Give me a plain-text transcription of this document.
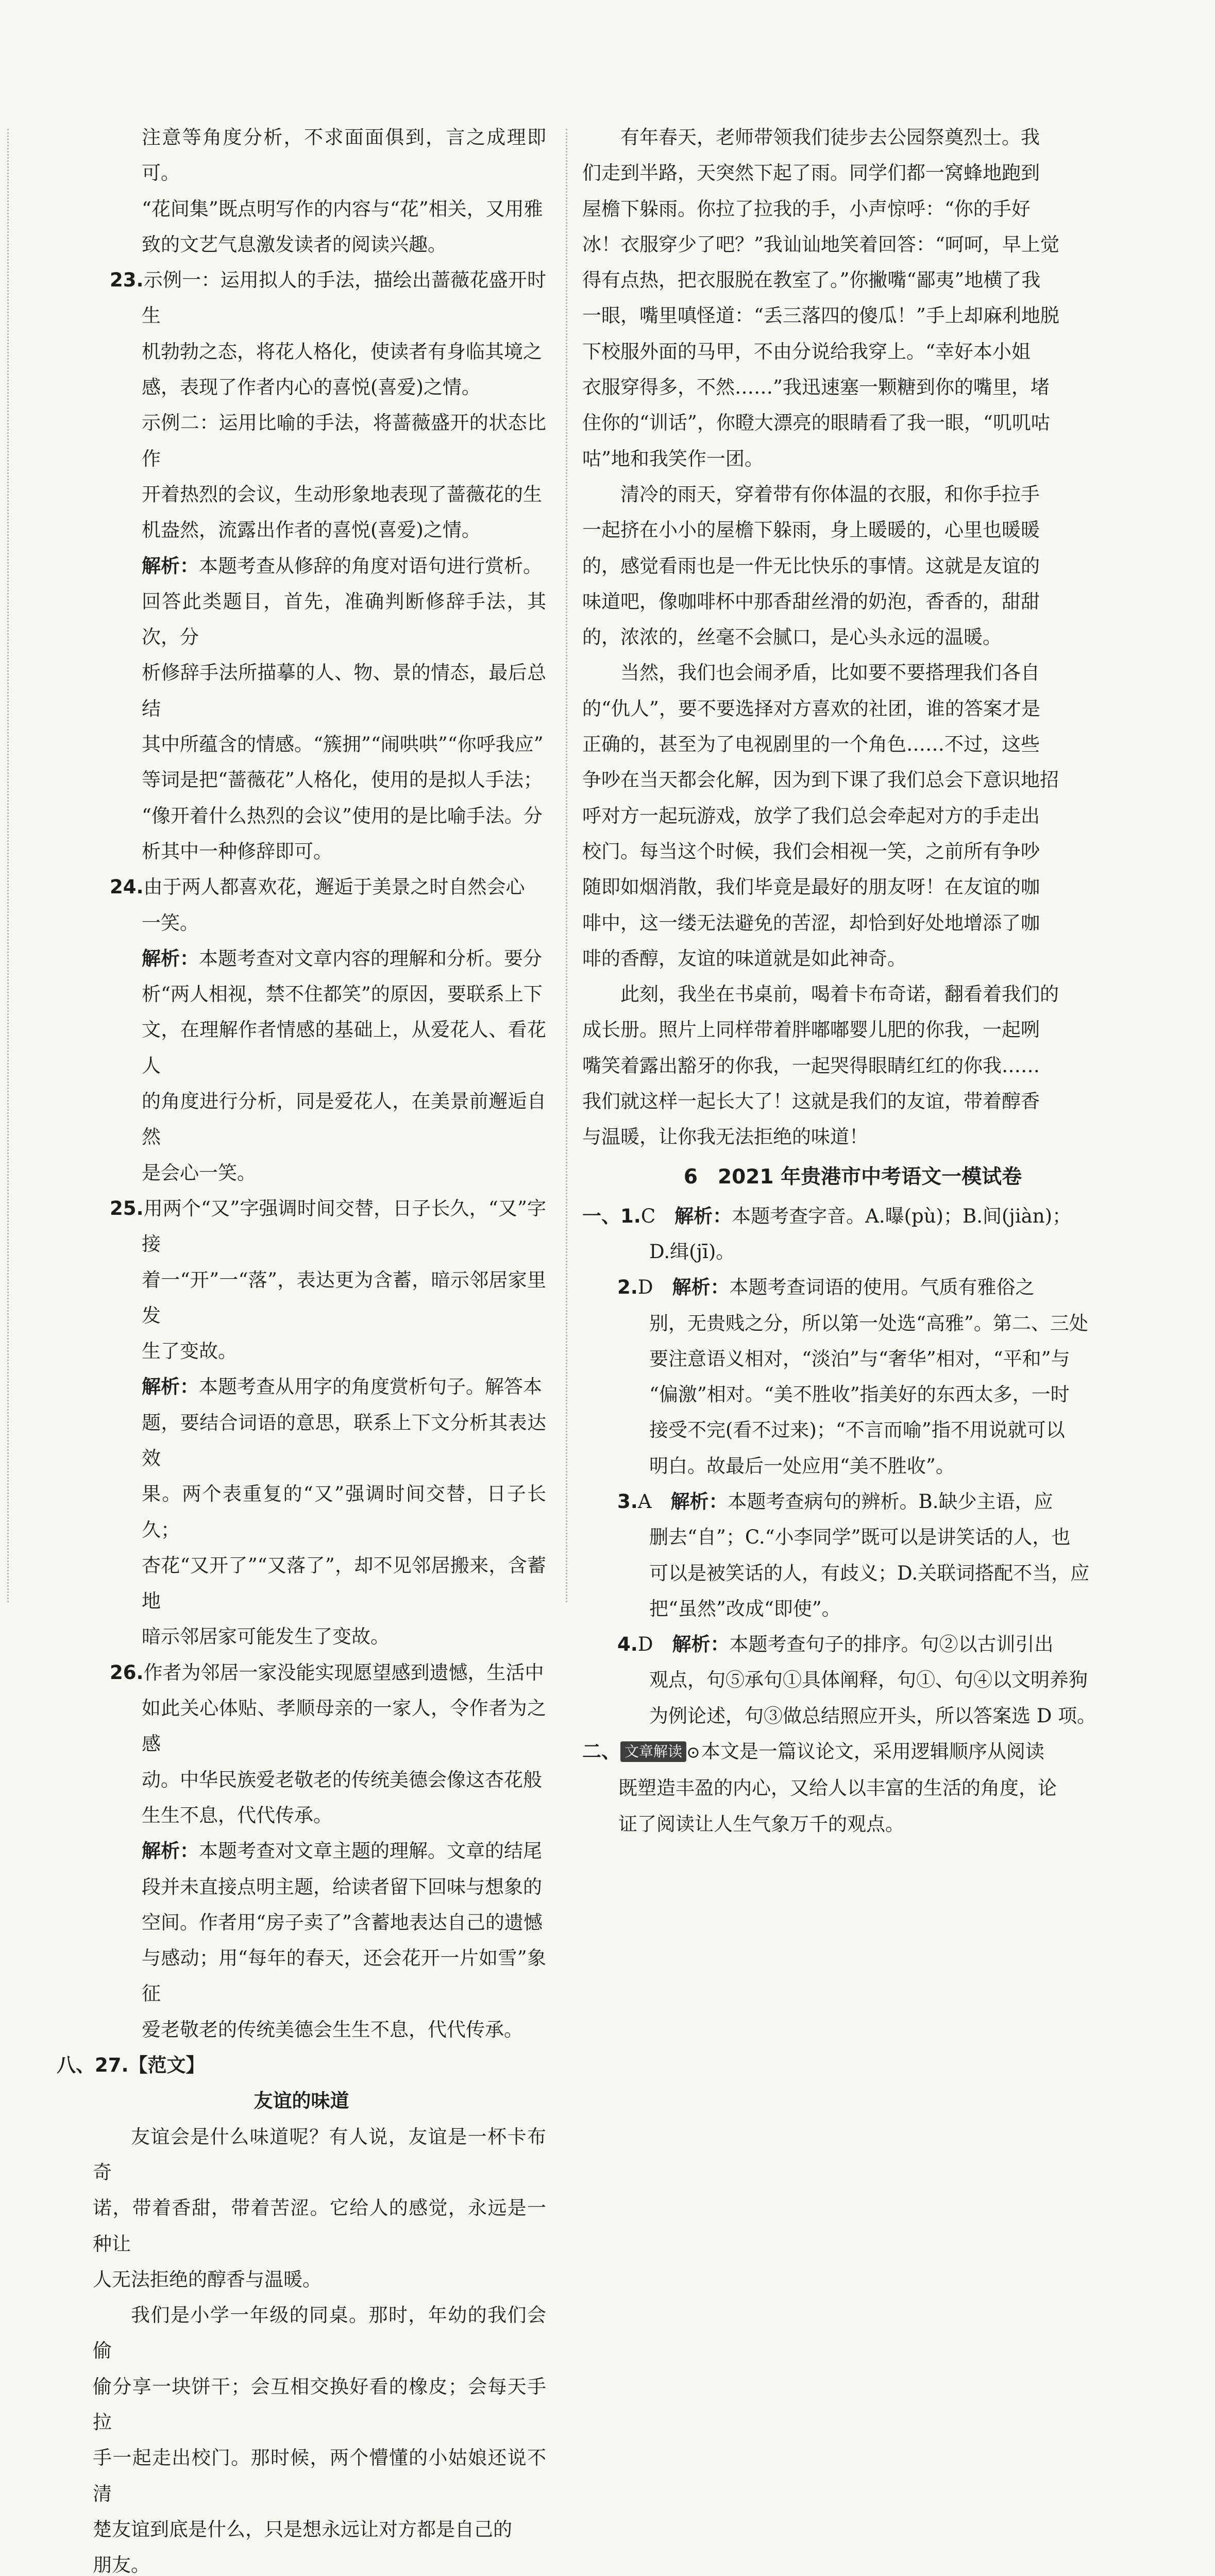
注意等角度分析，不求面面俱到，言之成理即可。

“花间集”既点明写作的内容与“花”相关，又用雅

致的文艺气息激发读者的阅读兴趣。

23.示例一：运用拟人的手法，描绘出蔷薇花盛开时生

机勃勃之态，将花人格化，使读者有身临其境之

感，表现了作者内心的喜悦(喜爱)之情。

示例二：运用比喻的手法，将蔷薇盛开的状态比作

开着热烈的会议，生动形象地表现了蔷薇花的生

机盎然，流露出作者的喜悦(喜爱)之情。

解析：本题考查从修辞的角度对语句进行赏析。

回答此类题目，首先，准确判断修辞手法，其次，分

析修辞手法所描摹的人、物、景的情态，最后总结

其中所蕴含的情感。“簇拥”“闹哄哄”“你呼我应”

等词是把“蔷薇花”人格化，使用的是拟人手法；

“像开着什么热烈的会议”使用的是比喻手法。分

析其中一种修辞即可。

24.由于两人都喜欢花，邂逅于美景之时自然会心

一笑。

解析：本题考查对文章内容的理解和分析。要分

析“两人相视，禁不住都笑”的原因，要联系上下

文，在理解作者情感的基础上，从爱花人、看花人

的角度进行分析，同是爱花人，在美景前邂逅自然

是会心一笑。

25.用两个“又”字强调时间交替，日子长久，“又”字接

着一“开”一“落”，表达更为含蓄，暗示邻居家里发

生了变故。

解析：本题考查从用字的角度赏析句子。解答本

题，要结合词语的意思，联系上下文分析其表达效

果。两个表重复的“又”强调时间交替，日子长久；

杏花“又开了”“又落了”，却不见邻居搬来，含蓄地

暗示邻居家可能发生了变故。

26.作者为邻居一家没能实现愿望感到遗憾，生活中

如此关心体贴、孝顺母亲的一家人，令作者为之感

动。中华民族爱老敬老的传统美德会像这杏花般

生生不息，代代传承。

解析：本题考查对文章主题的理解。文章的结尾

段并未直接点明主题，给读者留下回味与想象的

空间。作者用“房子卖了”含蓄地表达自己的遗憾

与感动；用“每年的春天，还会花开一片如雪”象征

爱老敬老的传统美德会生生不息，代代传承。

八、27.【范文】

友谊的味道

友谊会是什么味道呢？有人说，友谊是一杯卡布奇

诺，带着香甜，带着苦涩。它给人的感觉，永远是一种让

人无法拒绝的醇香与温暖。

我们是小学一年级的同桌。那时，年幼的我们会偷

偷分享一块饼干；会互相交换好看的橡皮；会每天手拉

手一起走出校门。那时候，两个懵懂的小姑娘还说不清

楚友谊到底是什么，只是想永远让对方都是自己的

朋友。

有年春天，老师带领我们徒步去公园祭奠烈士。我

们走到半路，天突然下起了雨。同学们都一窝蜂地跑到

屋檐下躲雨。你拉了拉我的手，小声惊呼：“你的手好

冰！衣服穿少了吧？”我讪讪地笑着回答：“呵呵，早上觉

得有点热，把衣服脱在教室了。”你撇嘴“鄙夷”地横了我

一眼，嘴里嗔怪道：“丢三落四的傻瓜！”手上却麻利地脱

下校服外面的马甲，不由分说给我穿上。“幸好本小姐

衣服穿得多，不然……”我迅速塞一颗糖到你的嘴里，堵

住你的“训话”，你瞪大漂亮的眼睛看了我一眼，“叽叽咕

咕”地和我笑作一团。

清冷的雨天，穿着带有你体温的衣服，和你手拉手

一起挤在小小的屋檐下躲雨，身上暖暖的，心里也暖暖

的，感觉看雨也是一件无比快乐的事情。这就是友谊的

味道吧，像咖啡杯中那香甜丝滑的奶泡，香香的，甜甜

的，浓浓的，丝毫不会腻口，是心头永远的温暖。

当然，我们也会闹矛盾，比如要不要搭理我们各自

的“仇人”，要不要选择对方喜欢的社团，谁的答案才是

正确的，甚至为了电视剧里的一个角色……不过，这些

争吵在当天都会化解，因为到下课了我们总会下意识地招

呼对方一起玩游戏，放学了我们总会牵起对方的手走出

校门。每当这个时候，我们会相视一笑，之前所有争吵

随即如烟消散，我们毕竟是最好的朋友呀！在友谊的咖

啡中，这一缕无法避免的苦涩，却恰到好处地增添了咖

啡的香醇，友谊的味道就是如此神奇。

此刻，我坐在书桌前，喝着卡布奇诺，翻看着我们的

成长册。照片上同样带着胖嘟嘟婴儿肥的你我，一起咧

嘴笑着露出豁牙的你我，一起哭得眼睛红红的你我……

我们就这样一起长大了！这就是我们的友谊，带着醇香

与温暖，让你我无法拒绝的味道！

6　2021 年贵港市中考语文一模试卷

一、1.C　 解析：本题考查字音。A.曝(pù)；B.间(jiàn)；

D.缉(jī)。

2.D　 解析：本题考查词语的使用。气质有雅俗之

别，无贵贱之分，所以第一处选“高雅”。第二、三处

要注意语义相对，“淡泊”与“奢华”相对，“平和”与

“偏激”相对。“美不胜收”指美好的东西太多，一时

接受不完(看不过来)；“不言而喻”指不用说就可以

明白。故最后一处应用“美不胜收”。

3.A　 解析：本题考查病句的辨析。B.缺少主语，应

删去“自”；C.“小李同学”既可以是讲笑话的人，也

可以是被笑话的人，有歧义；D.关联词搭配不当，应

把“虽然”改成“即使”。

4.D　 解析：本题考查句子的排序。句②以古训引出

观点，句⑤承句①具体阐释，句①、句④以文明养狗

为例论述，句③做总结照应开头，所以答案选 D 项。

二、 文章解读 ⊙本文是一篇议论文，采用逻辑顺序从阅读

既塑造丰盈的内心，又给人以丰富的生活的角度，论

证了阅读让人生气象万千的观点。
